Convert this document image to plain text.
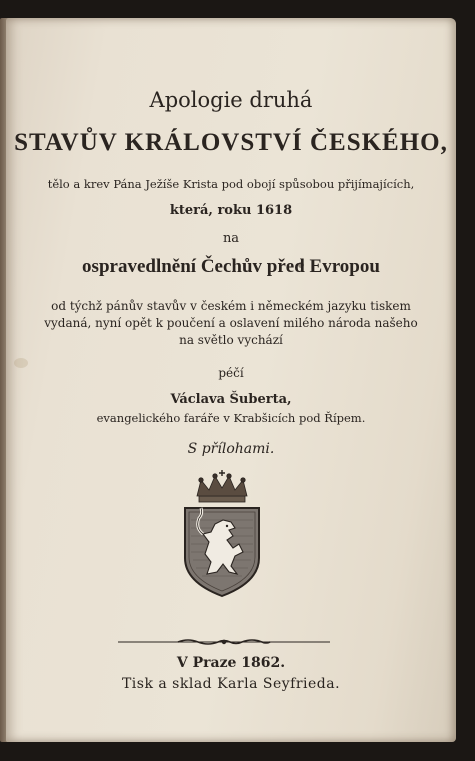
Apologie druhá
STAVŮV KRÁLOVSTVÍ ČESKÉHO,
tělo a krev Pána Ježíše Krista pod obojí spůsobou přijímajících,
která, roku 1618
na
ospravedlnění Čechův před Evropou
od týchž pánův stavův v českém i německém jazyku tiskem
vydaná, nyní opět k poučení a oslavení milého národa našeho
na světlo vychází
péčí
Václava Šuberta,
evangelického faráře v Krabšicích pod Řípem.
S přílohami.
V Praze 1862.
Tisk a sklad Karla Seyfrieda.
